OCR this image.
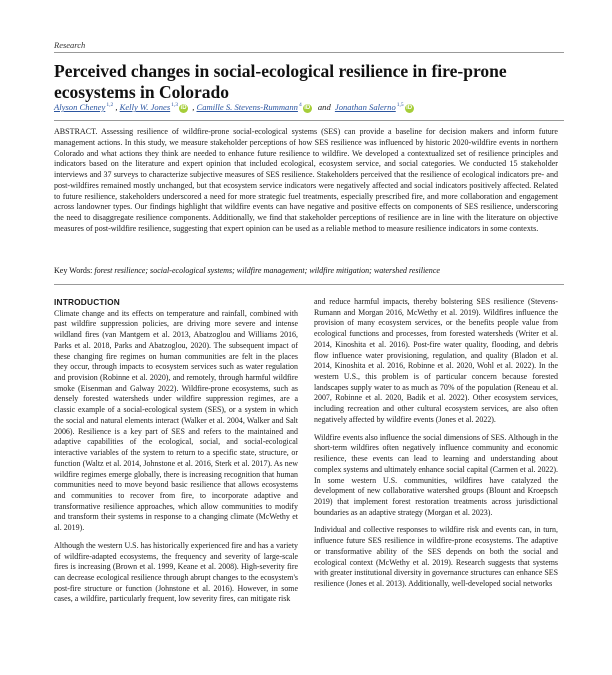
Research
Perceived changes in social-ecological resilience in fire-prone ecosystems in Colorado
Alyson Cheney$^{1,2}$ , Kelly W. Jones$^{1,3}$ iD , Camille S. Stevens-Rummann$^4$ iD and Jonathan Salerno$^{1,5}$ iD
ABSTRACT. Assessing resilience of wildfire-prone social-ecological systems (SES) can provide a baseline for decision makers and inform future management actions. In this study, we measure stakeholder perceptions of how SES resilience was influenced by historic 2020-wildfire events in northern Colorado and what actions they think are needed to enhance future resilience to wildfire. We developed a contextualized set of resilience principles and indicators based on the literature and expert opinion that included ecological, ecosystem service, and social categories. We conducted 15 stakeholder interviews and 37 surveys to characterize subjective measures of SES resilience. Stakeholders perceived that the resilience of ecological indicators pre- and post-wildfires remained mostly unchanged, but that ecosystem service indicators were negatively affected and social indicators positively affected. Related to future resilience, stakeholders underscored a need for more strategic fuel treatments, especially prescribed fire, and more collaboration and engagement across landowner types. Our findings highlight that wildfire events can have negative and positive effects on components of SES resilience, underscoring the need to disaggregate resilience components. Additionally, we find that stakeholder perceptions of resilience are in line with the literature on objective measures of post-wildfire resilience, suggesting that expert opinion can be used as a reliable method to measure resilience indicators in some contexts.
Key Words: forest resilience; social-ecological systems; wildfire management; wildfire mitigation; watershed resilience
INTRODUCTION

Climate change and its effects on temperature and rainfall, combined with past wildfire suppression policies, are driving more severe and intense wildland fires (van Mantgem et al. 2013, Abatzoglou and Williams 2016, Parks et al. 2018, Parks and Abatzoglou, 2020). The subsequent impact of these changing fire regimes on human communities are felt in the places they occur, through impacts to ecosystem services such as water regulation and provision (Robinne et al. 2020), and remotely, through harmful wildfire smoke (Eisenman and Galway 2022). Wildfire-prone ecosystems, such as densely forested watersheds under wildfire suppression regimes, are a classic example of a social-ecological system (SES), or a system in which the social and natural elements interact (Walker et al. 2004, Walker and Salt 2006). Resilience is a key part of SES and refers to the maintained and adaptive capabilities of the ecological, social, and social-ecological interactive variables of the system to return to a specific state, structure, or function (Waltz et al. 2014, Johnstone et al. 2016, Sterk et al. 2017). As new wildfire regimes emerge globally, there is increasing recognition that human communities need to move beyond basic resilience that allows ecosystems and communities to recover from fire, to incorporate adaptive and transformative resilience approaches, which allow communities to modify and transform their systems in response to a changing climate (McWethy et al. 2019).

Although the western U.S. has historically experienced fire and has a variety of wildfire-adapted ecosystems, the frequency and severity of large-scale fires is increasing (Brown et al. 1999, Keane et al. 2008). High-severity fire can decrease ecological resilience through abrupt changes to the ecosystem's post-fire structure or function (Johnstone et al. 2016). However, in some cases, a wildfire, particularly frequent, low severity fires, can mitigate risk

and reduce harmful impacts, thereby bolstering SES resilience (Stevens-Rumann and Morgan 2016, McWethy et al. 2019). Wildfires influence the provision of many ecosystem services, or the benefits people value from ecological functions and processes, from forested watersheds (Writer et al. 2014, Kinoshita et al. 2016). Post-fire water quality, flooding, and debris flow influence water provisioning, regulation, and quality (Bladon et al. 2014, Kinoshita et al. 2016, Robinne et al. 2020, Wohl et al. 2022). In the western U.S., this problem is of particular concern because forested landscapes supply water to as much as 70% of the population (Reneau et al. 2007, Robinne et al. 2020, Badik et al. 2022). Other ecosystem services, including recreation and other cultural ecosystem services, are also often negatively affected by wildfire events (Jones et al. 2022).

Wildfire events also influence the social dimensions of SES. Although in the short-term wildfires often negatively influence community and economic resilience, these events can lead to learning and understanding about complex systems and ultimately enhance social capital (Carmen et al. 2022). In some western U.S. communities, wildfires have catalyzed the development of new collaborative watershed groups (Blount and Kroepsch 2019) that implement forest restoration treatments across jurisdictional boundaries as an adaptive strategy (Morgan et al. 2023).

Individual and collective responses to wildfire risk and events can, in turn, influence future SES resilience in wildfire-prone ecosystems. The adaptive or transformative ability of the SES depends on both the social and ecological context (McWethy et al. 2019). Research suggests that systems with greater institutional diversity in governance structures can enhance SES resilience (Jones et al. 2013). Additionally, well-developed social networks
